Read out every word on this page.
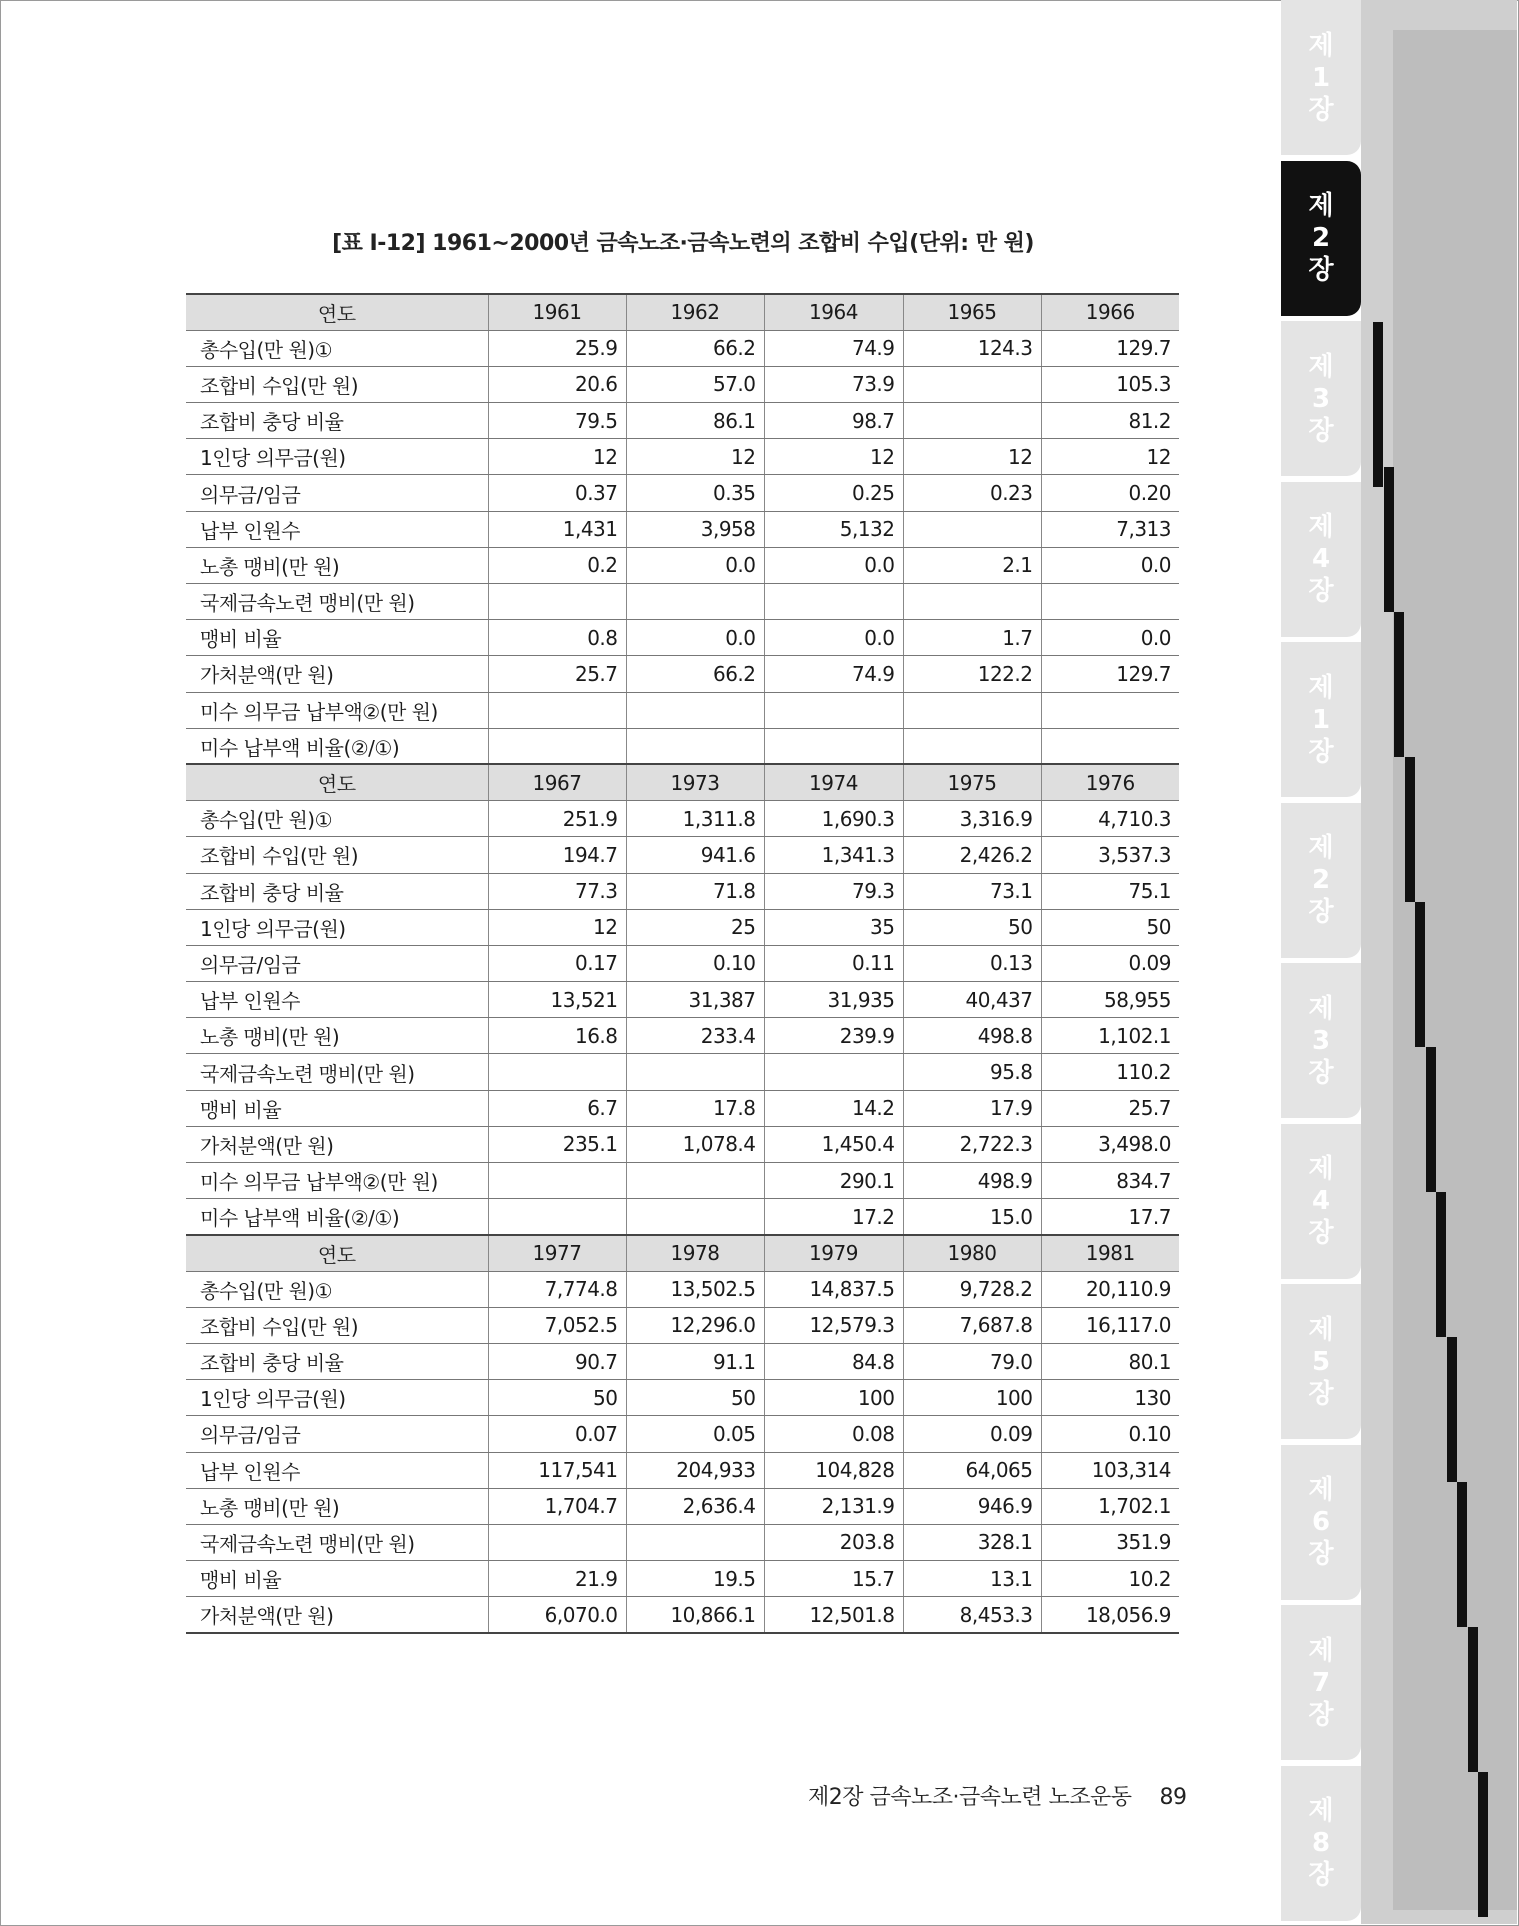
[표 Ⅰ-12] 1961~2000년 금속노조·금속노련의 조합비 수입(단위: 만 원)
연도	1961	1962	1964	1965	1966
총수입(만 원)①	25.9	66.2	74.9	124.3	129.7
조합비 수입(만 원)	20.6	57.0	73.9		105.3
조합비 충당 비율	79.5	86.1	98.7		81.2
1인당 의무금(원)	12	12	12	12	12
의무금/임금	0.37	0.35	0.25	0.23	0.20
납부 인원수	1,431	3,958	5,132		7,313
노총 맹비(만 원)	0.2	0.0	0.0	2.1	0.0
국제금속노련 맹비(만 원)					
맹비 비율	0.8	0.0	0.0	1.7	0.0
가처분액(만 원)	25.7	66.2	74.9	122.2	129.7
미수 의무금 납부액②(만 원)					
미수 납부액 비율(②/①)					
연도	1967	1973	1974	1975	1976
총수입(만 원)①	251.9	1,311.8	1,690.3	3,316.9	4,710.3
조합비 수입(만 원)	194.7	941.6	1,341.3	2,426.2	3,537.3
조합비 충당 비율	77.3	71.8	79.3	73.1	75.1
1인당 의무금(원)	12	25	35	50	50
의무금/임금	0.17	0.10	0.11	0.13	0.09
납부 인원수	13,521	31,387	31,935	40,437	58,955
노총 맹비(만 원)	16.8	233.4	239.9	498.8	1,102.1
국제금속노련 맹비(만 원)				95.8	110.2
맹비 비율	6.7	17.8	14.2	17.9	25.7
가처분액(만 원)	235.1	1,078.4	1,450.4	2,722.3	3,498.0
미수 의무금 납부액②(만 원)			290.1	498.9	834.7
미수 납부액 비율(②/①)			17.2	15.0	17.7
연도	1977	1978	1979	1980	1981
총수입(만 원)①	7,774.8	13,502.5	14,837.5	9,728.2	20,110.9
조합비 수입(만 원)	7,052.5	12,296.0	12,579.3	7,687.8	16,117.0
조합비 충당 비율	90.7	91.1	84.8	79.0	80.1
1인당 의무금(원)	50	50	100	100	130
의무금/임금	0.07	0.05	0.08	0.09	0.10
납부 인원수	117,541	204,933	104,828	64,065	103,314
노총 맹비(만 원)	1,704.7	2,636.4	2,131.9	946.9	1,702.1
국제금속노련 맹비(만 원)			203.8	328.1	351.9
맹비 비율	21.9	19.5	15.7	13.1	10.2
가처분액(만 원)	6,070.0	10,866.1	12,501.8	8,453.3	18,056.9
제2장 금속노조·금속노련 노조운동 89
제1장
제2장
제3장
제4장
제1장
제2장
제3장
제4장
제5장
제6장
제7장
제8장
